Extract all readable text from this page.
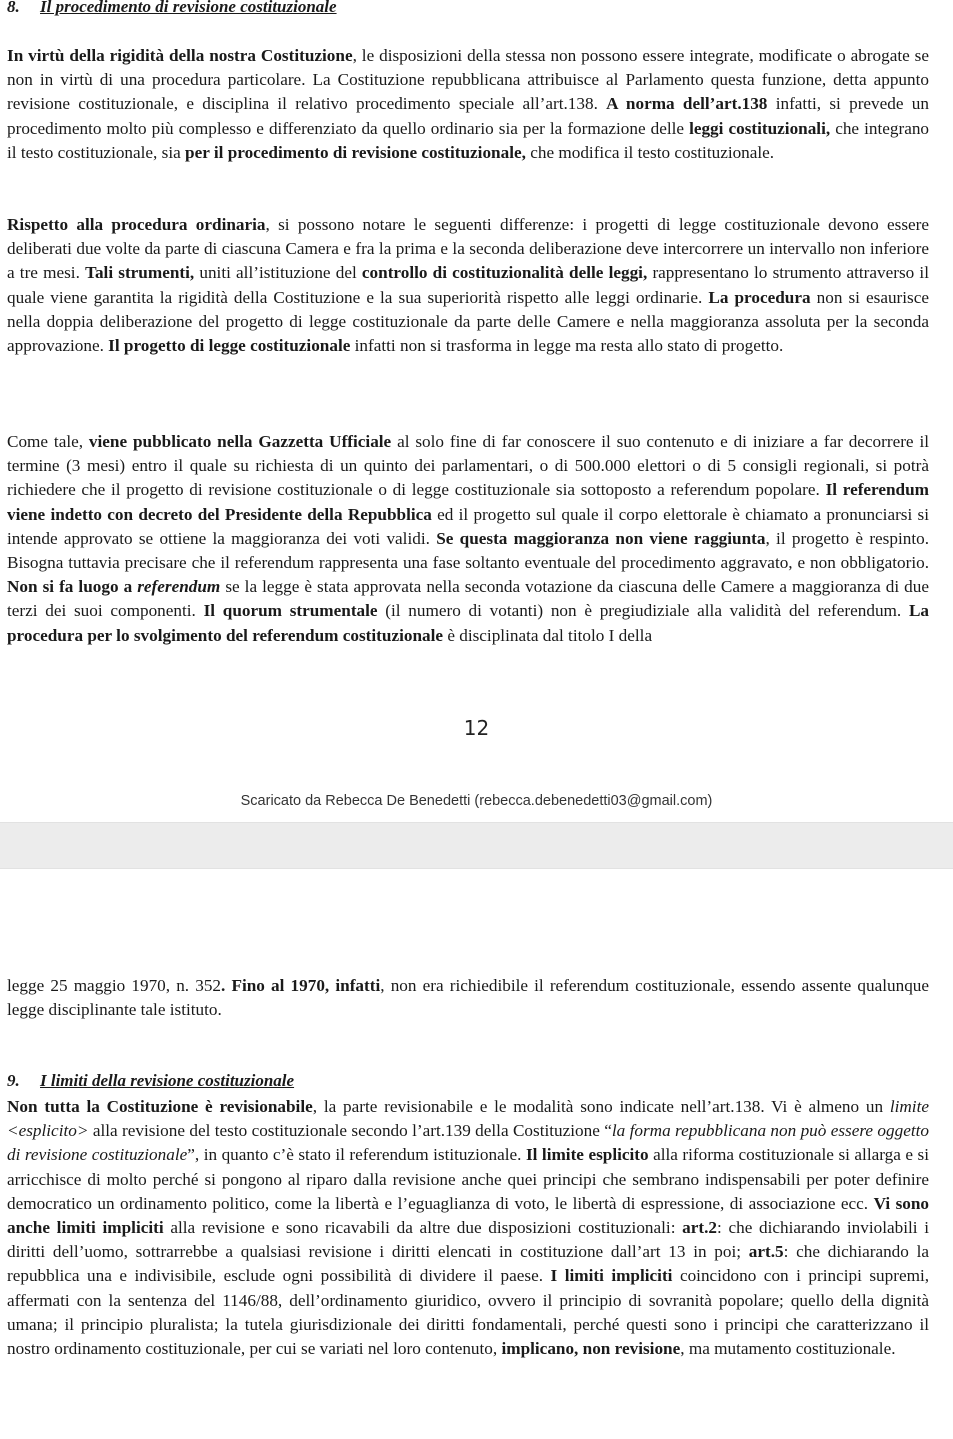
8. Il procedimento di revisione costituzionale

In virtù della rigidità della nostra Costituzione, le disposizioni della stessa non possono essere integrate, modificate o abrogate se non in virtù di una procedura particolare. La Costituzione repubblicana attribuisce al Parlamento questa funzione, detta appunto revisione costituzionale, e disciplina il relativo procedimento speciale all’art.138. A norma dell’art.138 infatti, si prevede un procedimento molto più complesso e differenziato da quello ordinario sia per la formazione delle leggi costituzionali, che integrano il testo costituzionale, sia per il procedimento di revisione costituzionale, che modifica il testo costituzionale.

Rispetto alla procedura ordinaria, si possono notare le seguenti differenze: i progetti di legge costituzionale devono essere deliberati due volte da parte di ciascuna Camera e fra la prima e la seconda deliberazione deve intercorrere un intervallo non inferiore a tre mesi. Tali strumenti, uniti all’istituzione del controllo di costituzionalità delle leggi, rappresentano lo strumento attraverso il quale viene garantita la rigidità della Costituzione e la sua superiorità rispetto alle leggi ordinarie. La procedura non si esaurisce nella doppia deliberazione del progetto di legge costituzionale da parte delle Camere e nella maggioranza assoluta per la seconda approvazione. Il progetto di legge costituzionale infatti non si trasforma in legge ma resta allo stato di progetto.

Come tale, viene pubblicato nella Gazzetta Ufficiale al solo fine di far conoscere il suo contenuto e di iniziare a far decorrere il termine (3 mesi) entro il quale su richiesta di un quinto dei parlamentari, o di 500.000 elettori o di 5 consigli regionali, si potrà richiedere che il progetto di revisione costituzionale o di legge costituzionale sia sottoposto a referendum popolare. Il referendum viene indetto con decreto del Presidente della Repubblica ed il progetto sul quale il corpo elettorale è chiamato a pronunciarsi si intende approvato se ottiene la maggioranza dei voti validi. Se questa maggioranza non viene raggiunta, il progetto è respinto. Bisogna tuttavia precisare che il referendum rappresenta una fase soltanto eventuale del procedimento aggravato, e non obbligatorio. Non si fa luogo a referendum se la legge è stata approvata nella seconda votazione da ciascuna delle Camere a maggioranza di due terzi dei suoi componenti. Il quorum strumentale (il numero di votanti) non è pregiudiziale alla validità del referendum. La procedura per lo svolgimento del referendum costituzionale è disciplinata dal titolo I della

12
Scaricato da Rebecca De Benedetti (rebecca.debenedetti03@gmail.com)

legge 25 maggio 1970, n. 352. Fino al 1970, infatti, non era richiedibile il referendum costituzionale, essendo assente qualunque legge disciplinante tale istituto.

9. I limiti della revisione costituzionale

Non tutta la Costituzione è revisionabile, la parte revisionabile e le modalità sono indicate nell’art.138. Vi è almeno un limite <esplicito> alla revisione del testo costituzionale secondo l’art.139 della Costituzione “la forma repubblicana non può essere oggetto di revisione costituzionale”, in quanto c’è stato il referendum istituzionale. Il limite esplicito alla riforma costituzionale si allarga e si arricchisce di molto perché si pongono al riparo dalla revisione anche quei principi che sembrano indispensabili per poter definire democratico un ordinamento politico, come la libertà e l’eguaglianza di voto, le libertà di espressione, di associazione ecc. Vi sono anche limiti impliciti alla revisione e sono ricavabili da altre due disposizioni costituzionali: art.2: che dichiarando inviolabili i diritti dell’uomo, sottrarrebbe a qualsiasi revisione i diritti elencati in costituzione dall’art 13 in poi; art.5: che dichiarando la repubblica una e indivisibile, esclude ogni possibilità di dividere il paese. I limiti impliciti coincidono con i principi supremi, affermati con la sentenza del 1146/88, dell’ordinamento giuridico, ovvero il principio di sovranità popolare; quello della dignità umana; il principio pluralista; la tutela giurisdizionale dei diritti fondamentali, perché questi sono i principi che caratterizzano il nostro ordinamento costituzionale, per cui se variati nel loro contenuto, implicano, non revisione, ma mutamento costituzionale.
